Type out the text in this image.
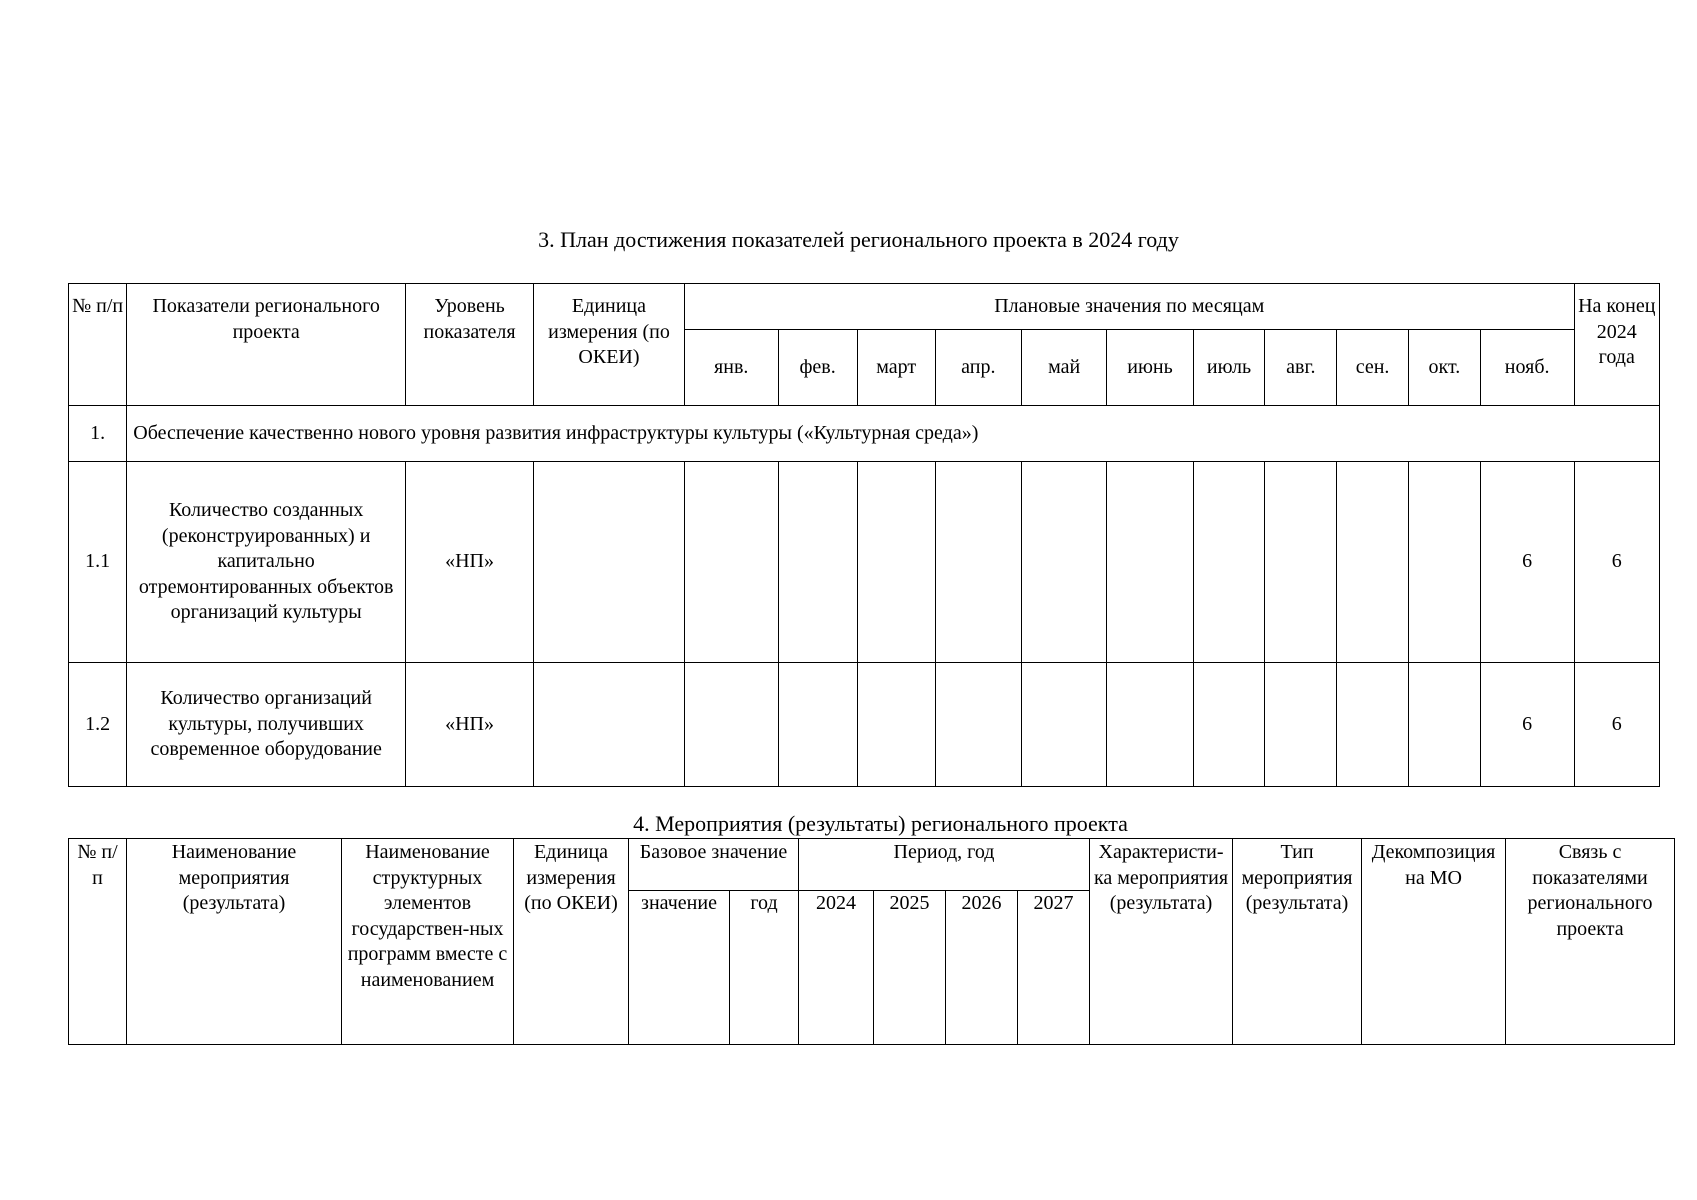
3. План достижения показателей регионального проекта в 2024 году
№ п/п	Показатели регионального проекта	Уровень показателя	Единица измерения (по ОКЕИ)	Плановые значения по месяцам											На конец 2024 года
				янв.	фев.	март	апр.	май	июнь	июль	авг.	сен.	окт.	нояб.	
1.	Обеспечение качественно нового уровня развития инфраструктуры культуры («Культурная среда»)														
1.1	Количество созданных (реконструированных) и капитально отремонтированных объектов организаций культуры	«НП»												6	6
1.2	Количество организаций культуры, получивших современное оборудование	«НП»												6	6
4. Мероприятия (результаты) регионального проекта
№ п/п	Наименование мероприятия (результата)	Наименование структурных элементов государствен-ных программ вместе с наименованием	Единица измерения (по ОКЕИ)	Базовое значение		Период, год				Характеристи-ка мероприятия (результата)	Тип мероприятия (результата)	Декомпозиция на МО	Связь с показателями регионального проекта
				значение	год	2024	2025	2026	2027				
